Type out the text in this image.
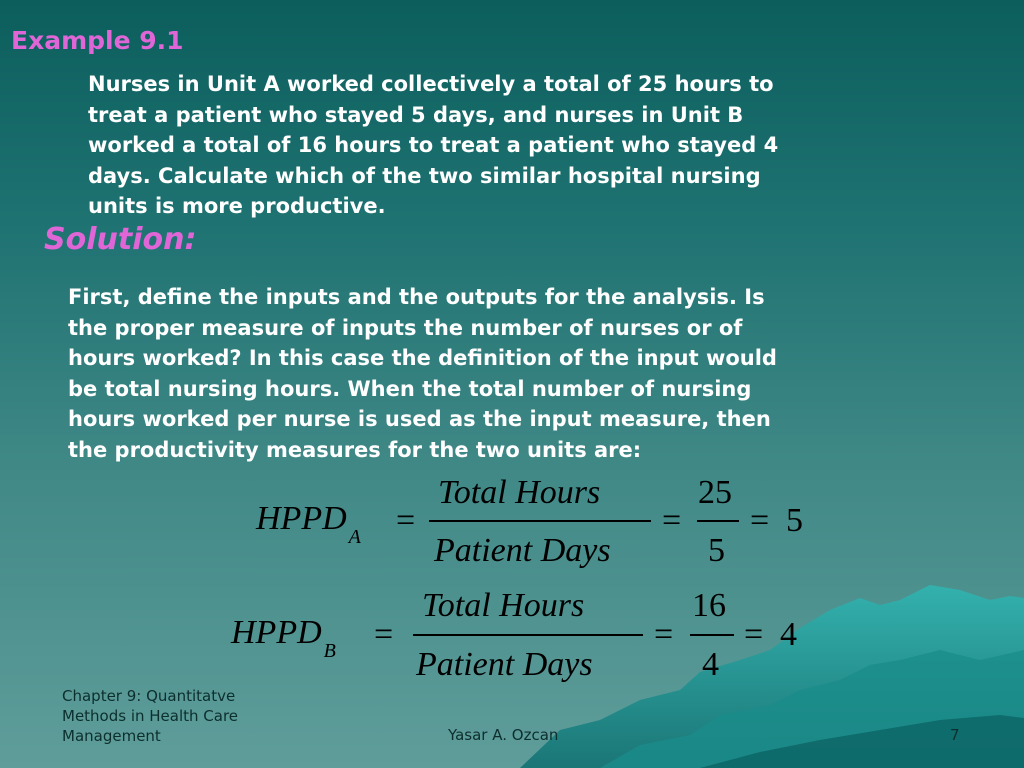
Example 9.1
Nurses in Unit A worked collectively a total of 25 hours to
treat a patient who stayed 5 days, and nurses in Unit B
worked a total of 16 hours to treat a patient who stayed 4
days. Calculate which of the two similar hospital nursing
units is more productive.
Solution:
First, define the inputs and the outputs for the analysis. Is
the proper measure of inputs the number of nurses or of
hours worked? In this case the definition of the input would
be total nursing hours. When the total number of nursing
hours worked per nurse is used as the input measure, then
the productivity measures for the two units are:
HPPD $_A$ =
Total Hours
Patient Days
=
25
5
= 5
HPPD $_B$ =
Total Hours
Patient Days
=
16
4
= 4
Chapter 9: Quantitatve
Methods in Health Care
Management	Yasar A. Ozcan	7
